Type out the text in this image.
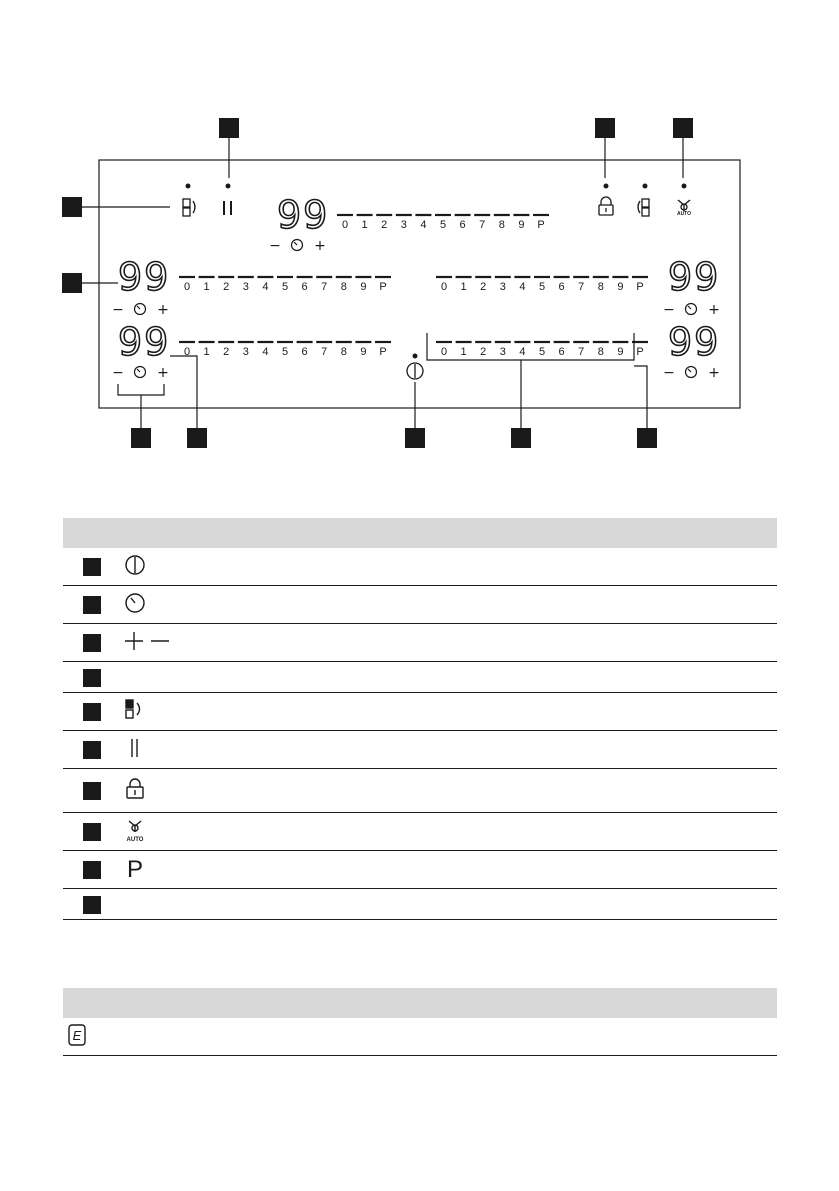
AUTO
99 0 1 2 3 4 5 6 7 8 9 P
− +
99 0 1 2 3 4 5 6 7 8 9 P
− +
99 0 1 2 3 4 5 6 7 8 9 P
− +
0 1 2 3 4 5 6 7 8 9 P 99
− +
0 1 2 3 4 5 6 7 8 9 P 99
− +
AUTO
P
E
